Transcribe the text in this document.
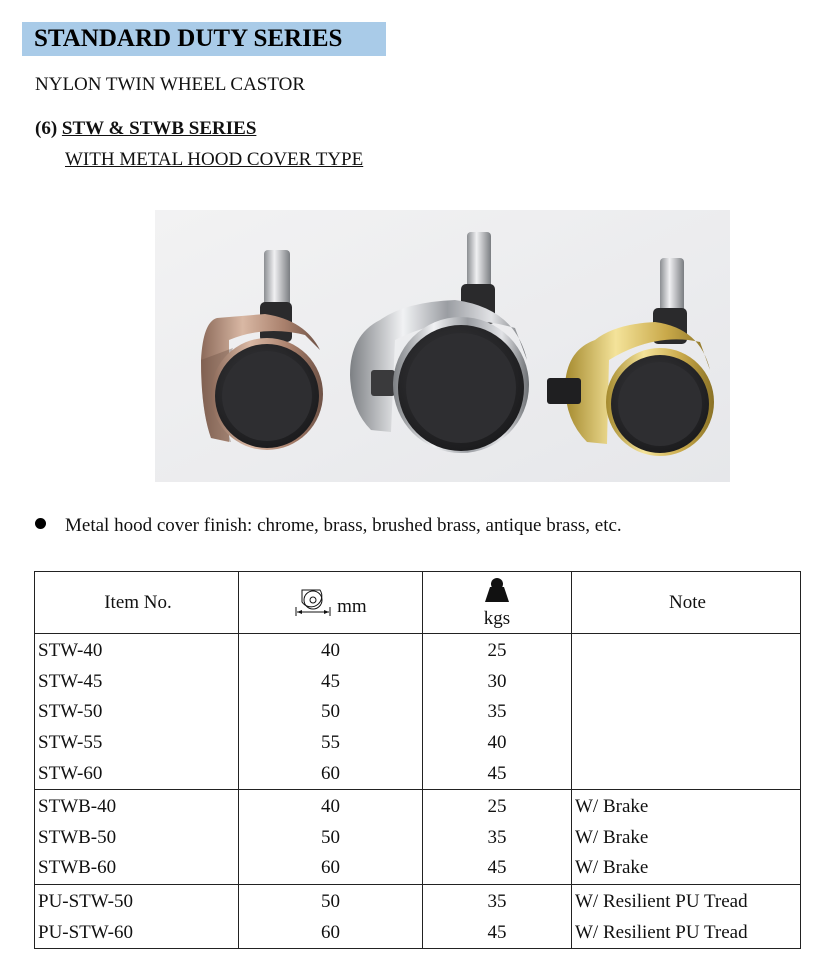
STANDARD DUTY SERIES
NYLON TWIN WHEEL CASTOR
(6) STW & STWB SERIES
WITH METAL HOOD COVER TYPE
Metal hood cover finish: chrome, brass, brushed brass, antique brass, etc.
Item No.	mm	kgs	Note
STW-40	40	25	
STW-45	45	30	
STW-50	50	35	
STW-55	55	40	
STW-60	60	45	
STWB-40	40	25	W/ Brake
STWB-50	50	35	W/ Brake
STWB-60	60	45	W/ Brake
PU-STW-50	50	35	W/ Resilient PU Tread
PU-STW-60	60	45	W/ Resilient PU Tread
